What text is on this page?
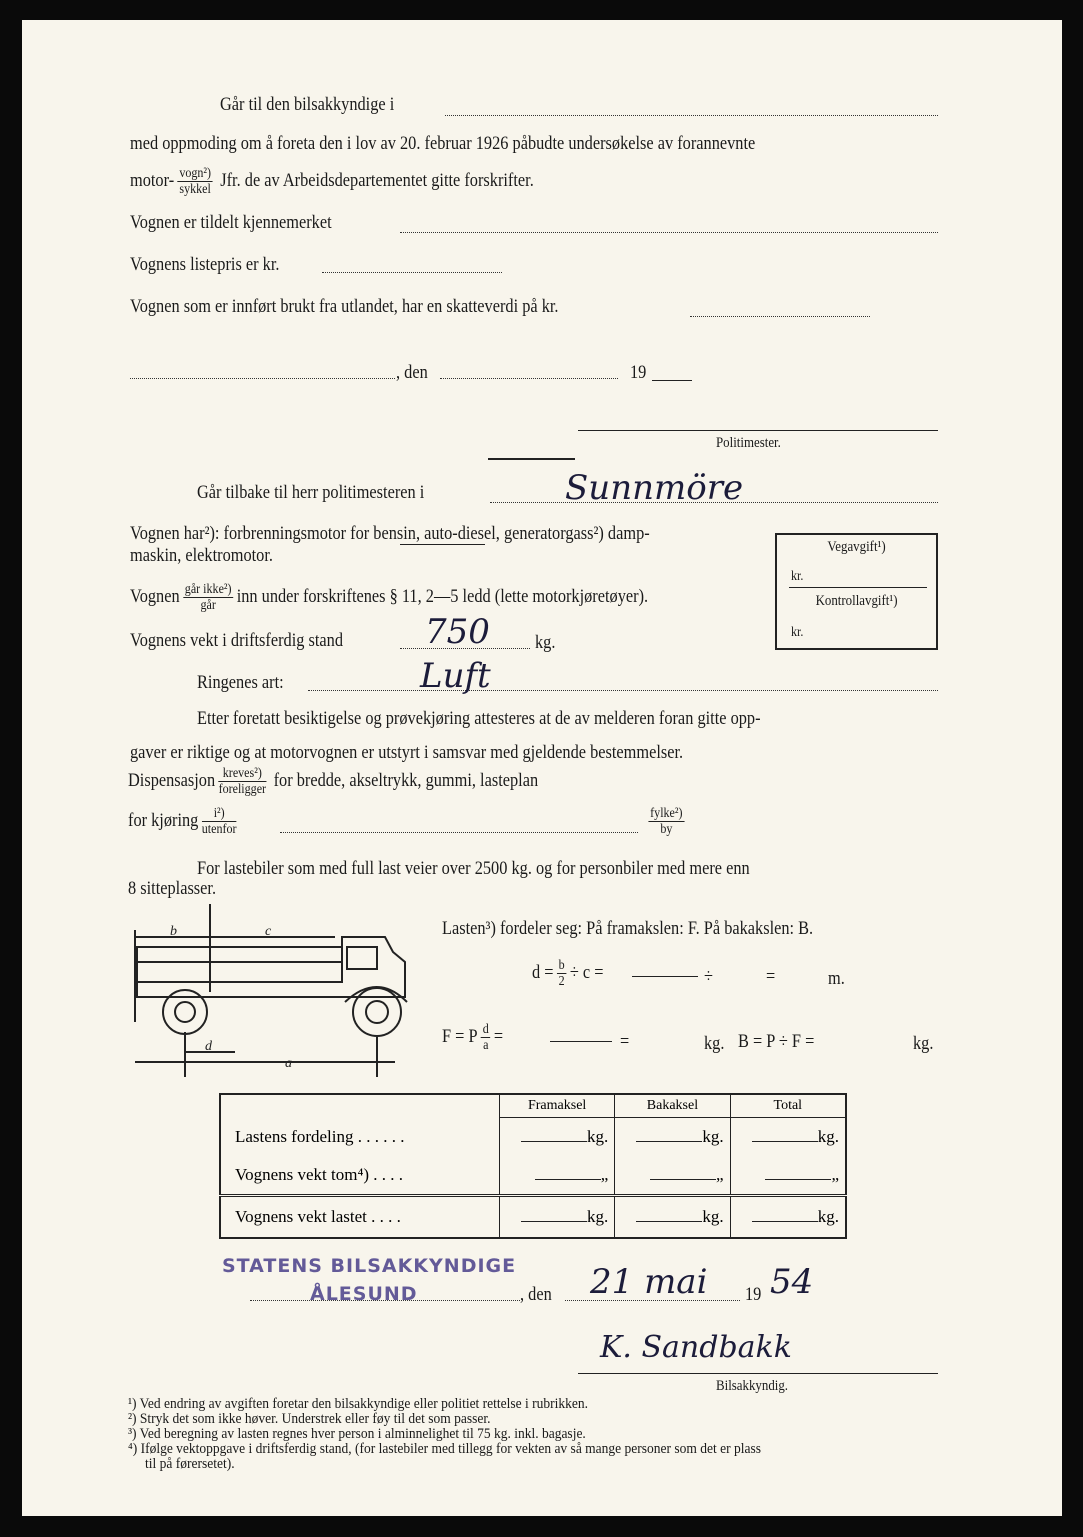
Går til den bilsakkyndige i
med oppmoding om å foreta den i lov av 20. februar 1926 påbudte undersøkelse av forannevnte
motor- $\frac{\text{vogn²)}}{\text{sykkel}}$ Jfr. de av Arbeidsdepartementet gitte forskrifter.
Vognen er tildelt kjennemerket
Vognens listepris er kr.
Vognen som er innført brukt fra utlandet, har en skatteverdi på kr.
, den	19
Politimester.
Går tilbake til herr politimesteren i	Sunnmöre
Vognen har²): forbrenningsmotor for bensin, auto-diesel, generatorgass²) damp-
maskin, elektromotor.	Vegavgift¹)
kr.
Kontrollavgift¹)
kr.
Vognen $\frac{\text{går ikke²)}}{\text{går}}$ inn under forskriftenes § 11, 2—5 ledd (lette motorkjøretøyer).
Vognens vekt i driftsferdig stand 750 kg.
Ringenes art:	Luft
Etter foretatt besiktigelse og prøvekjøring attesteres at de av melderen foran gitte opp-
gaver er riktige og at motorvognen er utstyrt i samsvar med gjeldende bestemmelser.
Dispensasjon $\frac{\text{kreves²)}}{\text{foreligger}}$ for bredde, akseltrykk, gummi, lasteplan
for kjøring $\frac{\text{i²)}}{\text{utenfor}}$	$\frac{\text{fylke²)}}{by}$
For lastebiler som med full last veier over 2500 kg. og for personbiler med mere enn
8 sitteplasser.
b	c
d
a
Lasten³) fordeler seg: På framakslen: F. På bakakslen: B.
$d = \frac{b}{2} \div c$ =	÷	=	m.
F = P $\frac{d}{a}$ =	=	kg. B = P ÷ F =	kg.
	Framaksel	Bakaksel	Total
Lastens fordeling . . . . . .	kg.	kg.	kg.
Vognens vekt tom⁴) . . . .	„	„	„
Vognens vekt lastet . . . .	kg.	kg.	kg.
STATENS BILSAKKYNDIGE
ÅLESUND	, den 21 mai 19 54
K. Sandbakk
Bilsakkyndig.
¹) Ved endring av avgiften foretar den bilsakkyndige eller politiet rettelse i rubrikken.
²) Stryk det som ikke høver. Understrek eller føy til det som passer.
³) Ved beregning av lasten regnes hver person i alminnelighet til 75 kg. inkl. bagasje.
⁴) Ifølge vektoppgave i driftsferdig stand, (for lastebiler med tillegg for vekten av så mange personer som det er plass
til på førersetet).
